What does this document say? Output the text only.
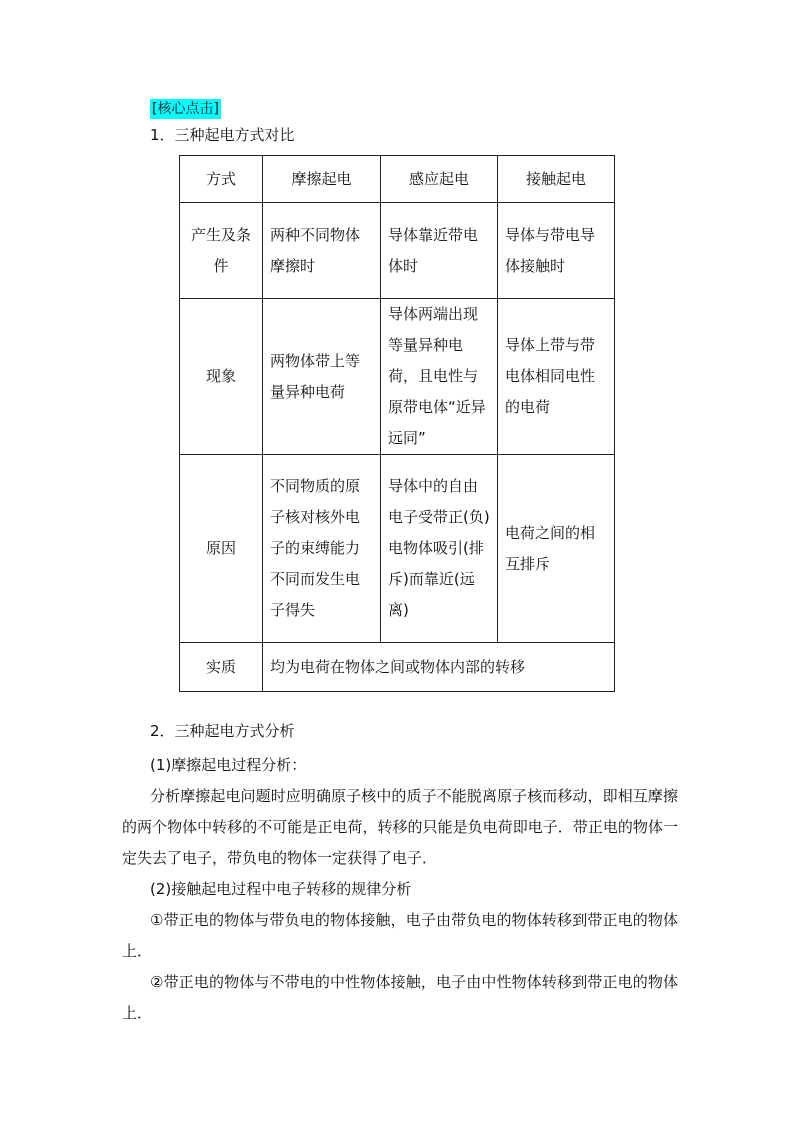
[核心点击]
1．三种起电方式对比
方式	摩擦起电	感应起电	接触起电
产生及条件	两种不同物体摩擦时	导体靠近带电体时	导体与带电导体接触时
现象	两物体带上等量异种电荷	导体两端出现等量异种电荷，且电性与原带电体“近异远同”	导体上带与带电体相同电性的电荷
原因	不同物质的原子核对核外电子的束缚能力不同而发生电子得失	导体中的自由电子受带正(负)电物体吸引(排斥)而靠近(远离)	电荷之间的相互排斥
实质	均为电荷在物体之间或物体内部的转移		
2．三种起电方式分析
(1)摩擦起电过程分析：
分析摩擦起电问题时应明确原子核中的质子不能脱离原子核而移动，即相互摩擦的两个物体中转移的不可能是正电荷，转移的只能是负电荷即电子．带正电的物体一定失去了电子，带负电的物体一定获得了电子．
(2)接触起电过程中电子转移的规律分析
①带正电的物体与带负电的物体接触，电子由带负电的物体转移到带正电的物体上．
②带正电的物体与不带电的中性物体接触，电子由中性物体转移到带正电的物体上．
